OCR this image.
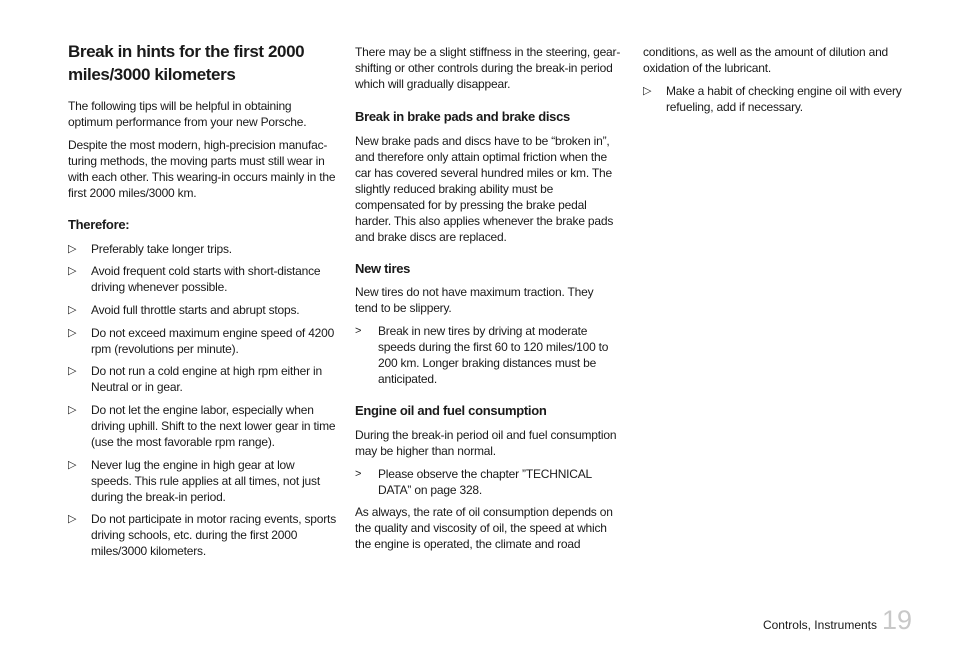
Break in hints for the first 2000 miles/3000 kilometers

The following tips will be helpful in obtaining optimum performance from your new Porsche.

Despite the most modern, high-precision manufac-turing methods, the moving parts must still wear in with each other. This wearing-in occurs mainly in the first 2000 miles/3000 km.

Therefore:
▷ Preferably take longer trips.
▷ Avoid frequent cold starts with short-distance driving whenever possible.
▷ Avoid full throttle starts and abrupt stops.
▷ Do not exceed maximum engine speed of 4200 rpm (revolutions per minute).
▷ Do not run a cold engine at high rpm either in Neutral or in gear.
▷ Do not let the engine labor, especially when driving uphill. Shift to the next lower gear in time (use the most favorable rpm range).
▷ Never lug the engine in high gear at low speeds. This rule applies at all times, not just during the break-in period.
▷ Do not participate in motor racing events, sports driving schools, etc. during the first 2000 miles/3000 kilometers.

There may be a slight stiffness in the steering, gear-shifting or other controls during the break-in period which will gradually disappear.

Break in brake pads and brake discs

New brake pads and discs have to be “broken in”, and therefore only attain optimal friction when the car has covered several hundred miles or km. The slightly reduced braking ability must be compensated for by pressing the brake pedal harder. This also applies whenever the brake pads and brake discs are replaced.

New tires

New tires do not have maximum traction. They tend to be slippery.

> Break in new tires by driving at moderate speeds during the first 60 to 120 miles/100 to 200 km. Longer braking distances must be anticipated.
Engine oil and fuel consumption

During the break-in period oil and fuel consumption may be higher than normal.

> Please observe the chapter ”TECHNICAL DATA” on page 328.

As always, the rate of oil consumption depends on the quality and viscosity of oil, the speed at which the engine is operated, the climate and road

conditions, as well as the amount of dilution and oxidation of the lubricant.

▷ Make a habit of checking engine oil with every refueling, add if necessary.
Controls, Instruments 19
